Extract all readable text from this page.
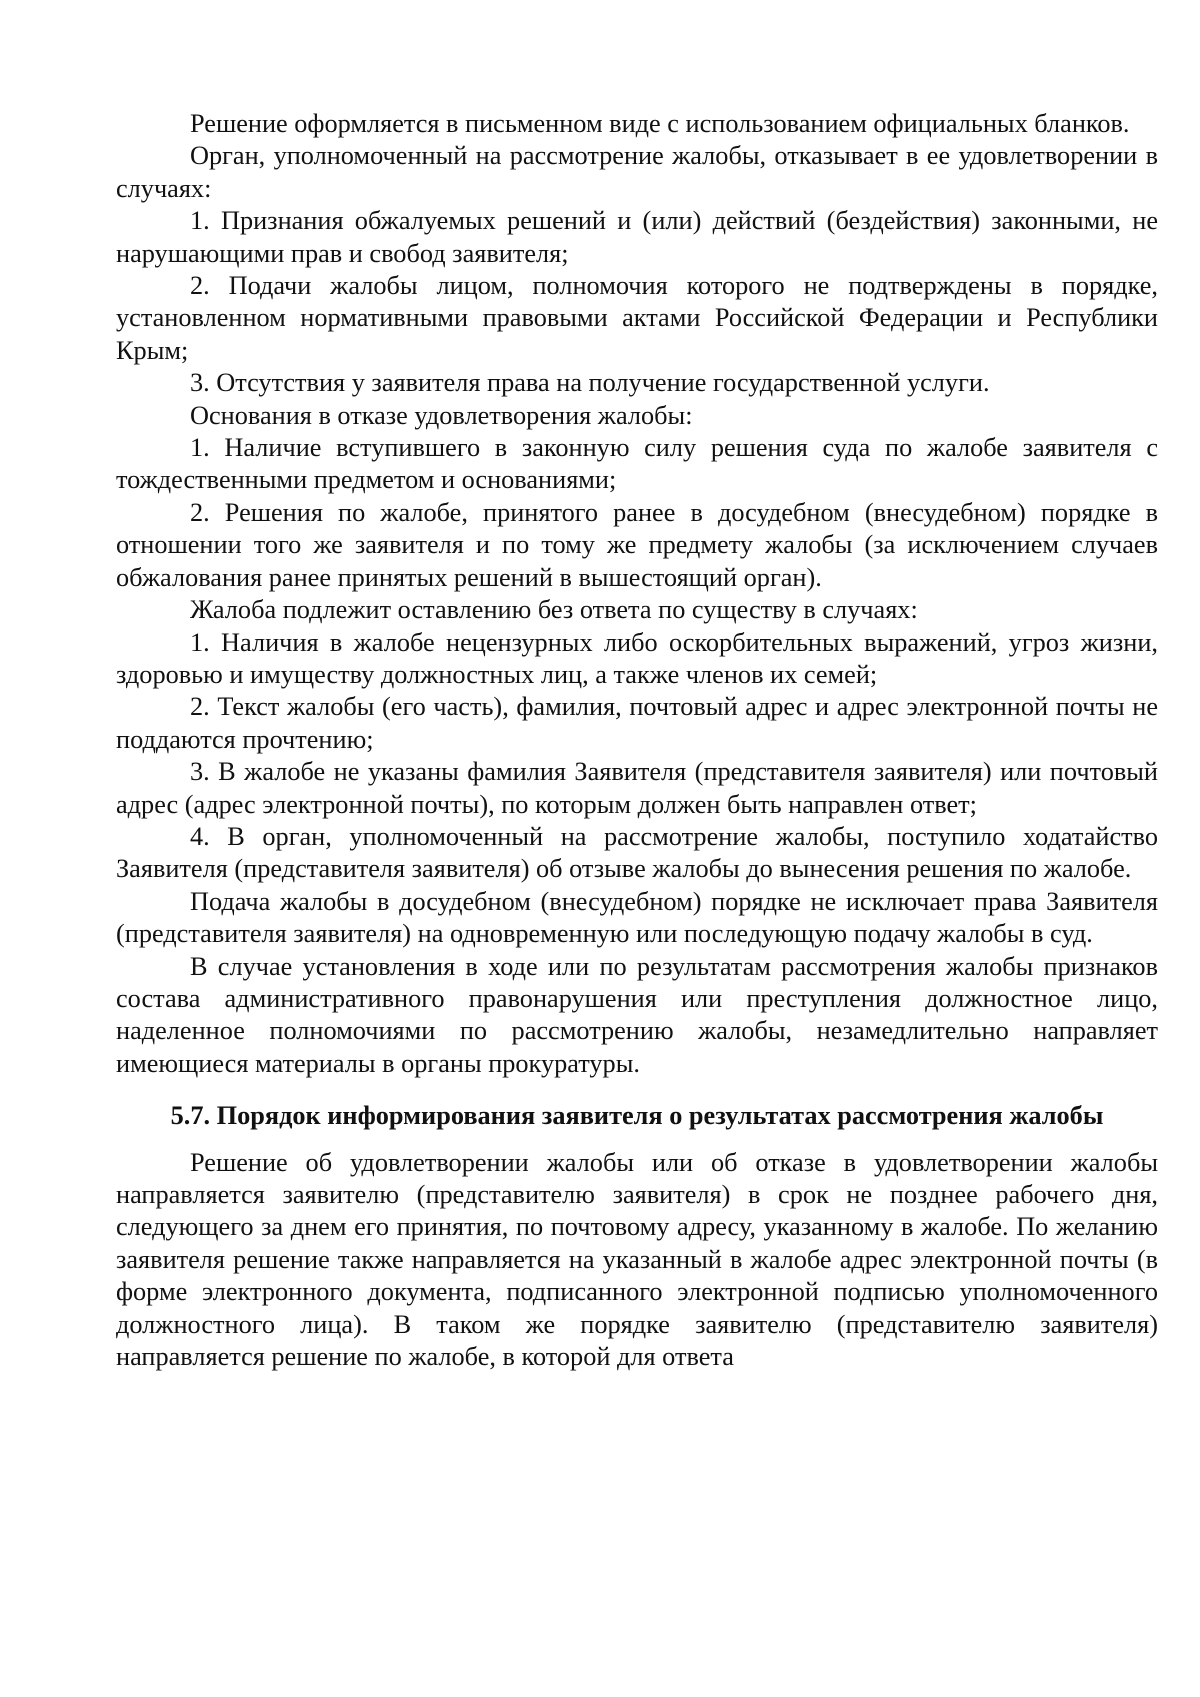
Решение оформляется в письменном виде с использованием официальных бланков.

Орган, уполномоченный на рассмотрение жалобы, отказывает в ее удовлетворении в случаях:

1. Признания обжалуемых решений и (или) действий (бездействия) законными, не нарушающими прав и свобод заявителя;

2. Подачи жалобы лицом, полномочия которого не подтверждены в порядке, установленном нормативными правовыми актами Российской Федерации и Республики Крым;

3. Отсутствия у заявителя права на получение государственной услуги.

Основания в отказе удовлетворения жалобы:

1. Наличие вступившего в законную силу решения суда по жалобе заявителя с тождественными предметом и основаниями;

2. Решения по жалобе, принятого ранее в досудебном (внесудебном) порядке в отношении того же заявителя и по тому же предмету жалобы (за исключением случаев обжалования ранее принятых решений в вышестоящий орган).

Жалоба подлежит оставлению без ответа по существу в случаях:

1. Наличия в жалобе нецензурных либо оскорбительных выражений, угроз жизни, здоровью и имуществу должностных лиц, а также членов их семей;

2. Текст жалобы (его часть), фамилия, почтовый адрес и адрес электронной почты не поддаются прочтению;

3. В жалобе не указаны фамилия Заявителя (представителя заявителя) или почтовый адрес (адрес электронной почты), по которым должен быть направлен ответ;

4. В орган, уполномоченный на рассмотрение жалобы, поступило ходатайство Заявителя (представителя заявителя) об отзыве жалобы до вынесения решения по жалобе.

Подача жалобы в досудебном (внесудебном) порядке не исключает права Заявителя (представителя заявителя) на одновременную или последующую подачу жалобы в суд.

В случае установления в ходе или по результатам рассмотрения жалобы признаков состава административного правонарушения или преступления должностное лицо, наделенное полномочиями по рассмотрению жалобы, незамедлительно направляет имеющиеся материалы в органы прокуратуры.

5.7. Порядок информирования заявителя о результатах рассмотрения жалобы

Решение об удовлетворении жалобы или об отказе в удовлетворении жалобы направляется заявителю (представителю заявителя) в срок не позднее рабочего дня, следующего за днем его принятия, по почтовому адресу, указанному в жалобе. По желанию заявителя решение также направляется на указанный в жалобе адрес электронной почты (в форме электронного документа, подписанного электронной подписью уполномоченного должностного лица). В таком же порядке заявителю (представителю заявителя) направляется решение по жалобе, в которой для ответа
